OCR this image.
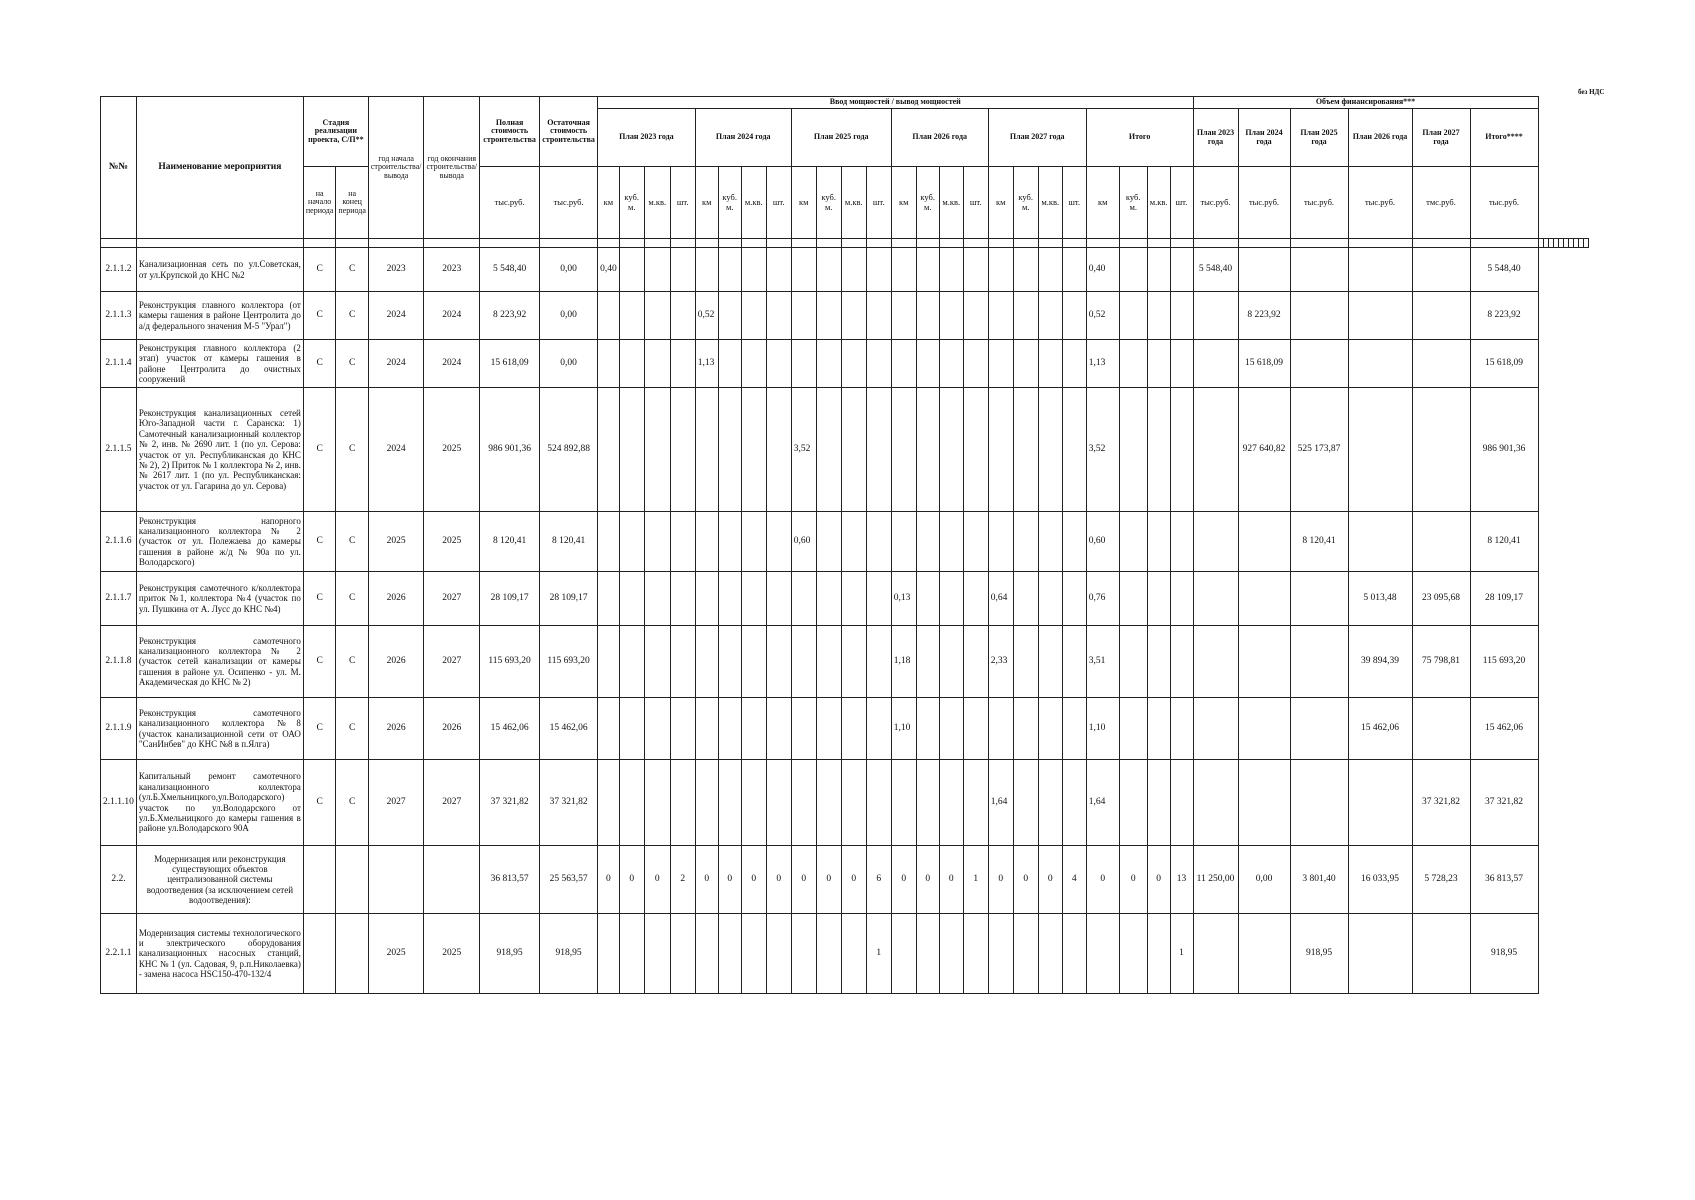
без НДС
№№	Наименование мероприятия	Стадия реализации проекта, С/П**		год начала строительства/ вывода	год окончания строительства/ вывода	Полная стоимость строительства	Остаточная стоимость строительства	Ввод мощностей / вывод мощностей																								Объем финансирования***															
								План 2023 года				План 2024 года				План 2025 года				План 2026 года				План 2027 года				Итого				План 2023 года	План 2024 года	План 2025 года	План 2026 года	План 2027 года	Итого****										
		на начало периода	на конец периода			тыс.руб.	тыс.руб.	км	куб. м.	м.кв.	шт.	км	куб. м.	м.кв.	шт.	км	куб. м.	м.кв.	шт.	км	куб. м.	м.кв.	шт.	км	куб. м.	м.кв.	шт.	км	куб. м.	м.кв.	шт.	тыс.руб.	тыс.руб.	тыс.руб.	тыс.руб.	тмс.руб.	тыс.руб.										

2.1.1.2	Канализационная сеть по ул.Советская, от ул.Крупской до КНС №2	С	С	2023	2023	5 548,40	0,00	0,40																				0,40				5 548,40					5 548,40										
2.1.1.3	Реконструкция главного коллектора (от камеры гашения в районе Центролита до а/д федерального значения М-5 "Урал")	С	С	2024	2024	8 223,92	0,00					0,52																0,52					8 223,92				8 223,92										
2.1.1.4	Реконструкция главного коллектора (2 этап) участок от камеры гашения в районе Центролита до очистных сооружений	С	С	2024	2024	15 618,09	0,00					1,13																1,13					15 618,09				15 618,09										
2.1.1.5	Реконструкция канализационных сетей Юго-Западной части г. Саранска: 1) Самотечный канализационный коллектор № 2, инв. № 2690 лит. 1 (по ул. Серова: участок от ул. Республиканская до КНС № 2), 2) Приток № 1 коллектора № 2, инв. № 2617 лит. 1 (по ул. Республиканская: участок от ул. Гагарина до ул. Серова)	С	С	2024	2025	986 901,36	524 892,88									3,52												3,52					927 640,82	525 173,87			986 901,36										
2.1.1.6	Реконструкция напорного канализационного коллектора № 2 (участок от ул. Полежаева до камеры гашения в районе ж/д № 90а по ул. Володарского)	С	С	2025	2025	8 120,41	8 120,41									0,60												0,60						8 120,41			8 120,41										
2.1.1.7	Реконструкция самотечного к/коллектора приток №1, коллектора №4 (участок по ул. Пушкина от А. Лусс до КНС №4)	С	С	2026	2027	28 109,17	28 109,17													0,13				0,64				0,76							5 013,48	23 095,68	28 109,17										
2.1.1.8	Реконструкция самотечного канализационного коллектора № 2 (участок сетей канализации от камеры гашения в районе ул. Осипенко - ул. М. Академическая до КНС № 2)	С	С	2026	2027	115 693,20	115 693,20													1,18				2,33				3,51							39 894,39	75 798,81	115 693,20										
2.1.1.9	Реконструкция самотечного канализационного коллектора №8 (участок канализационной сети от ОАО "СанИнбев" до КНС №8 в п.Ялга)	С	С	2026	2026	15 462,06	15 462,06													1,10								1,10							15 462,06		15 462,06										
2.1.1.10	Капитальный ремонт самотечного канализационного коллектора (ул.Б.Хмельницкого,ул.Володарского) участок по ул.Володарского от ул.Б.Хмельницкого до камеры гашения в районе ул.Володарского 90А	С	С	2027	2027	37 321,82	37 321,82																	1,64				1,64								37 321,82	37 321,82										
2.2.	Модернизация или реконструкция существующих объектов централизованной системы водоотведения (за исключением сетей водоотведения):					36 813,57	25 563,57	0	0	0	2	0	0	0	0	0	0	0	6	0	0	0	1	0	0	0	4	0	0	0	13	11 250,00	0,00	3 801,40	16 033,95	5 728,23	36 813,57										
2.2.1.1	Модернизация системы технологического и электрического оборудования канализационных насосных станций, КНС № 1 (ул. Садовая, 9, р.п.Николаевка) - замена насоса HSC150-470-132/4			2025	2025	918,95	918,95												1												1			918,95			918,95										
